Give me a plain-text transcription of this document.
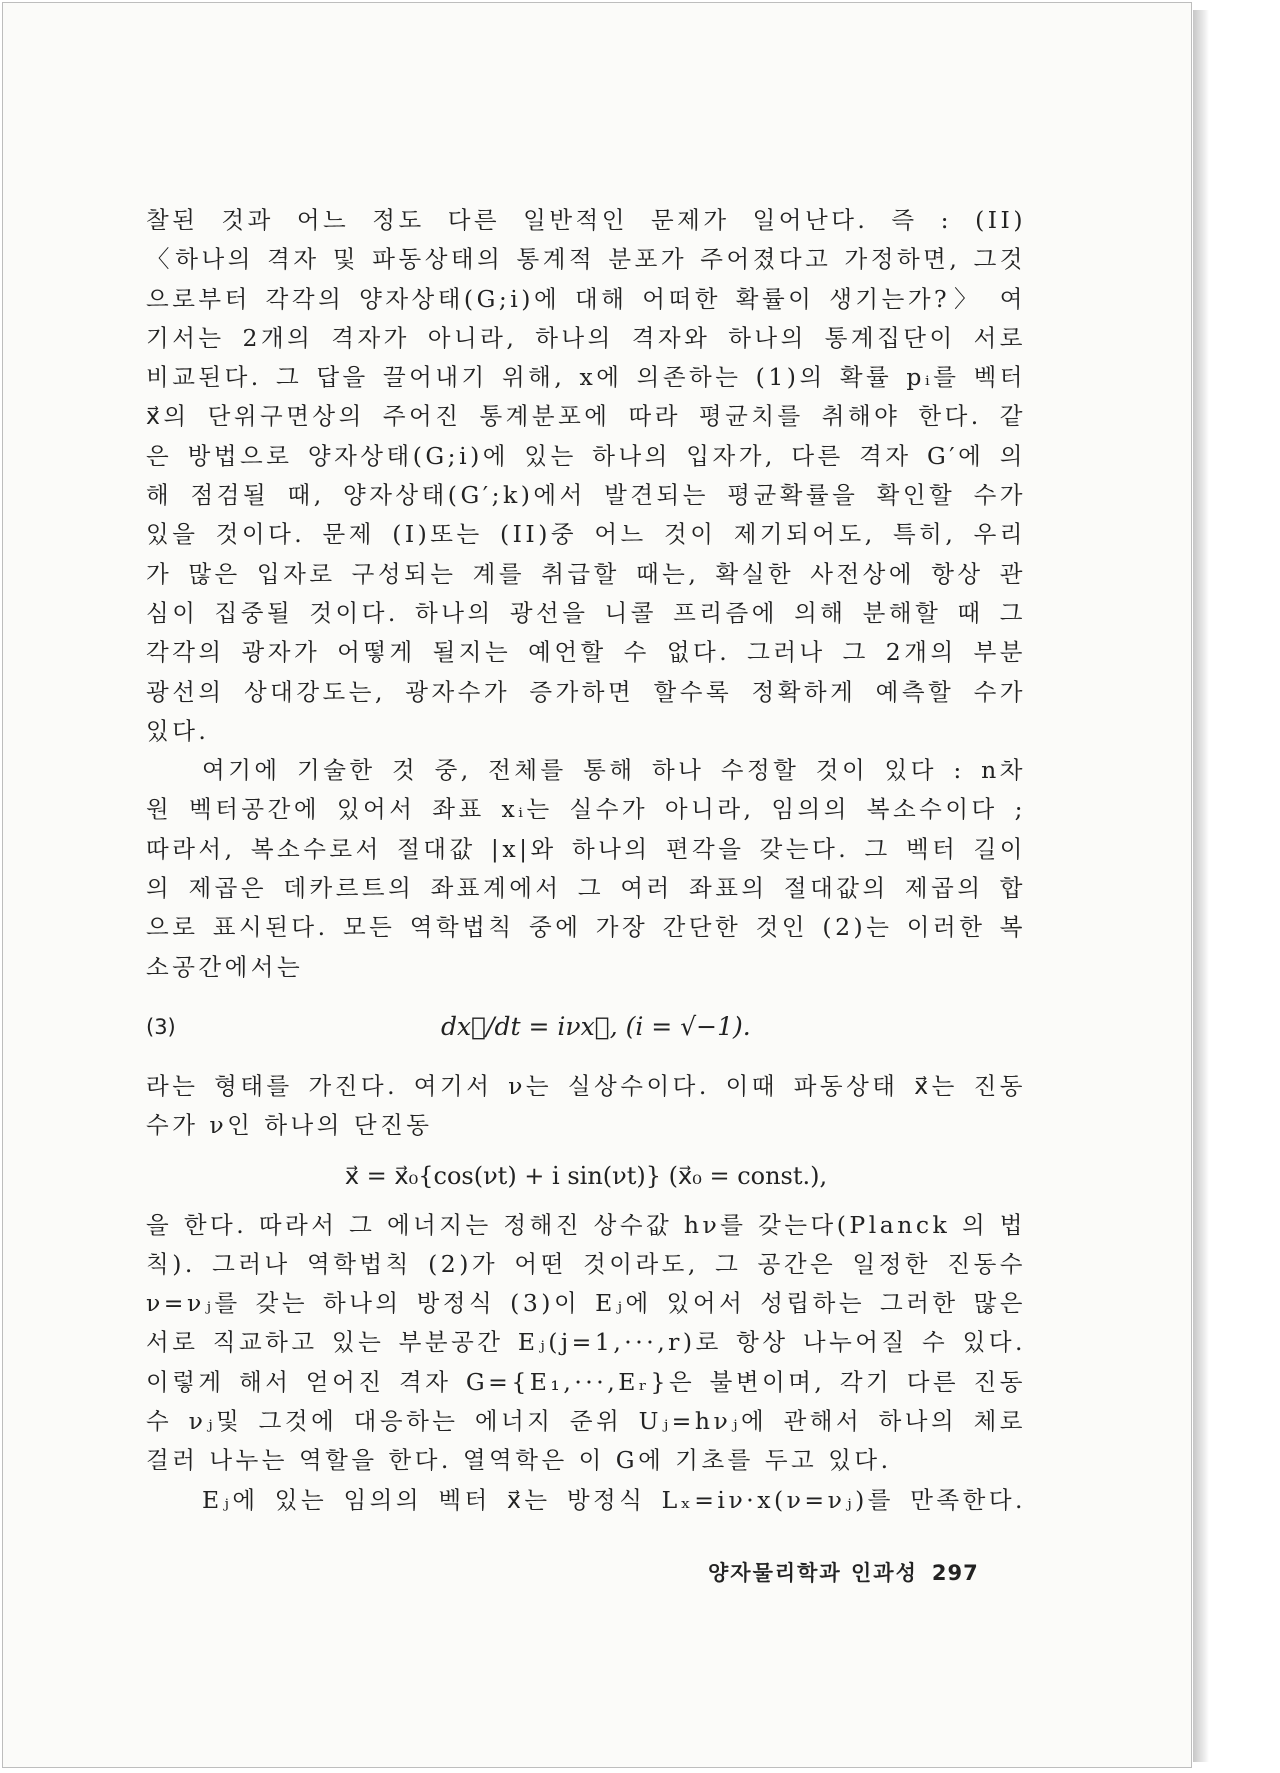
찰된 것과 어느 정도 다른 일반적인 문제가 일어난다. 즉 : (II)
〈하나의 격자 및 파동상태의 통계적 분포가 주어졌다고 가정하면, 그것
으로부터 각각의 양자상태(G;i)에 대해 어떠한 확률이 생기는가?〉 여
기서는 2개의 격자가 아니라, 하나의 격자와 하나의 통계집단이 서로
비교된다. 그 답을 끌어내기 위해, x에 의존하는 (1)의 확률 pᵢ를 벡터
x⃗의 단위구면상의 주어진 통계분포에 따라 평균치를 취해야 한다. 같
은 방법으로 양자상태(G;i)에 있는 하나의 입자가, 다른 격자 G′에 의
해 점검될 때, 양자상태(G′;k)에서 발견되는 평균확률을 확인할 수가
있을 것이다. 문제 (I)또는 (II)중 어느 것이 제기되어도, 특히, 우리
가 많은 입자로 구성되는 계를 취급할 때는, 확실한 사전상에 항상 관
심이 집중될 것이다. 하나의 광선을 니콜 프리즘에 의해 분해할 때 그
각각의 광자가 어떻게 될지는 예언할 수 없다. 그러나 그 2개의 부분
광선의 상대강도는, 광자수가 증가하면 할수록 정확하게 예측할 수가
있다.
여기에 기술한 것 중, 전체를 통해 하나 수정할 것이 있다 : n차
원 벡터공간에 있어서 좌표 xᵢ는 실수가 아니라, 임의의 복소수이다 ;
따라서, 복소수로서 절대값 |x|와 하나의 편각을 갖는다. 그 벡터 길이
의 제곱은 데카르트의 좌표계에서 그 여러 좌표의 절대값의 제곱의 합
으로 표시된다. 모든 역학법칙 중에 가장 간단한 것인 (2)는 이러한 복
소공간에서는
(3)	dx⃗/dt = iνx⃗, (i = √−1).
라는 형태를 가진다. 여기서 ν는 실상수이다. 이때 파동상태 x⃗는 진동
수가 ν인 하나의 단진동
x⃗ = x⃗₀{cos(νt) + i sin(νt)} (x⃗₀ = const.),
을 한다. 따라서 그 에너지는 정해진 상수값 hν를 갖는다(Planck 의 법
칙). 그러나 역학법칙 (2)가 어떤 것이라도, 그 공간은 일정한 진동수
ν=νⱼ를 갖는 하나의 방정식 (3)이 Eⱼ에 있어서 성립하는 그러한 많은
서로 직교하고 있는 부분공간 Eⱼ(j=1,···,r)로 항상 나누어질 수 있다.
이렇게 해서 얻어진 격자 G={E₁,···,Eᵣ}은 불변이며, 각기 다른 진동
수 νⱼ및 그것에 대응하는 에너지 준위 Uⱼ=hνⱼ에 관해서 하나의 체로
걸러 나누는 역할을 한다. 열역학은 이 G에 기초를 두고 있다.
Eⱼ에 있는 임의의 벡터 x⃗는 방정식 Lₓ=iν·x(ν=νⱼ)를 만족한다.
양자물리학과 인과성 297
